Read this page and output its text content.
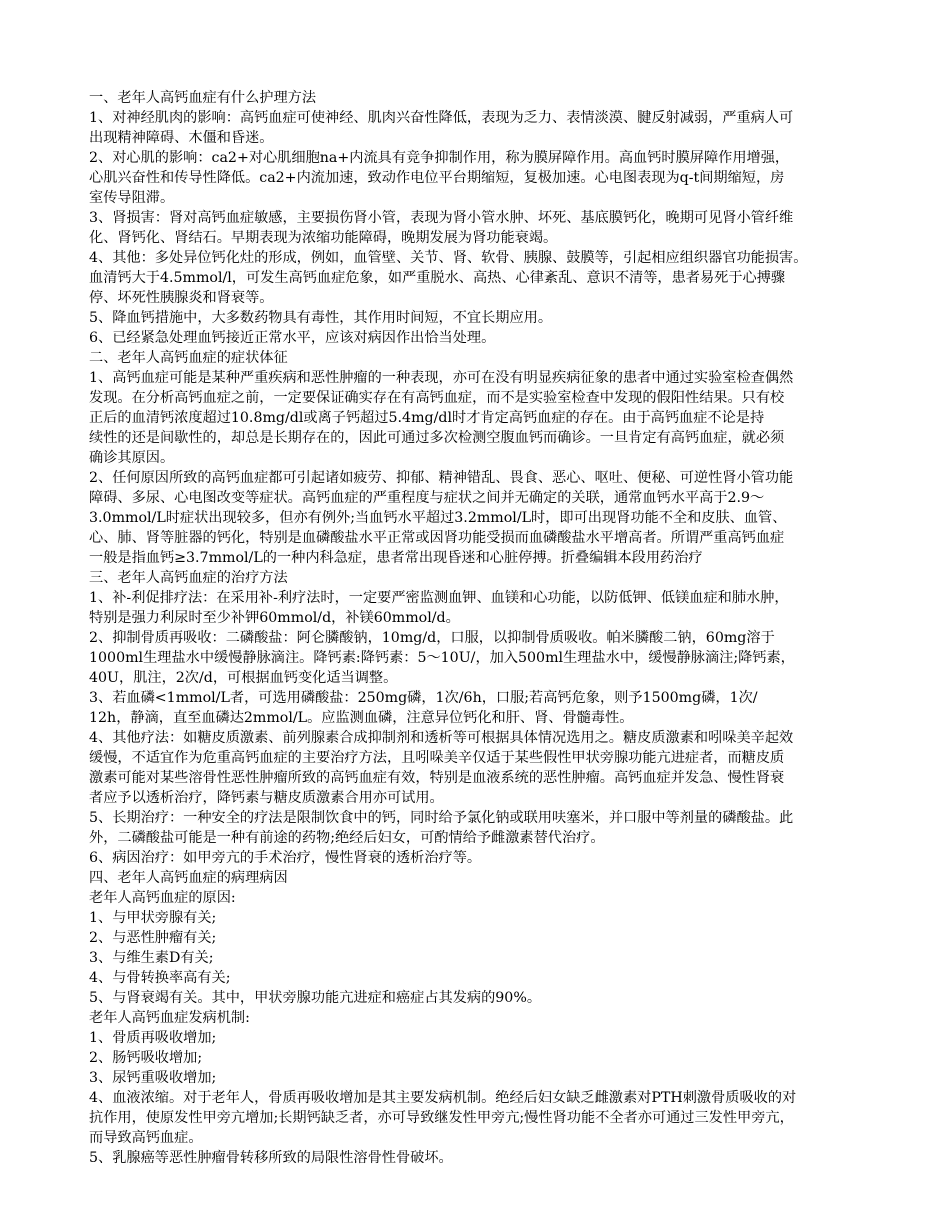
一、老年人高钙血症有什么护理方法
1、对神经肌肉的影响：高钙血症可使神经、肌肉兴奋性降低，表现为乏力、表情淡漠、腱反射减弱，严重病人可
出现精神障碍、木僵和昏迷。
2、对心肌的影响：ca2+对心肌细胞na+内流具有竞争抑制作用，称为膜屏障作用。高血钙时膜屏障作用增强，
心肌兴奋性和传导性降低。ca2+内流加速，致动作电位平台期缩短，复极加速。心电图表现为q-t间期缩短，房
室传导阻滞。
3、肾损害：肾对高钙血症敏感，主要损伤肾小管，表现为肾小管水肿、坏死、基底膜钙化，晚期可见肾小管纤维
化、肾钙化、肾结石。早期表现为浓缩功能障碍，晚期发展为肾功能衰竭。
4、其他：多处异位钙化灶的形成，例如，血管壁、关节、肾、软骨、胰腺、鼓膜等，引起相应组织器官功能损害。
血清钙大于4.5mmol/l，可发生高钙血症危象，如严重脱水、高热、心律紊乱、意识不清等，患者易死于心搏骤
停、坏死性胰腺炎和肾衰等。
5、降血钙措施中，大多数药物具有毒性，其作用时间短，不宜长期应用。
6、已经紧急处理血钙接近正常水平，应该对病因作出恰当处理。
二、老年人高钙血症的症状体征
1、高钙血症可能是某种严重疾病和恶性肿瘤的一种表现，亦可在没有明显疾病征象的患者中通过实验室检查偶然
发现。在分析高钙血症之前，一定要保证确实存在有高钙血症，而不是实验室检查中发现的假阳性结果。只有校
正后的血清钙浓度超过10.8mg/dl或离子钙超过5.4mg/dl时才肯定高钙血症的存在。由于高钙血症不论是持
续性的还是间歇性的，却总是长期存在的，因此可通过多次检测空腹血钙而确诊。一旦肯定有高钙血症，就必须
确诊其原因。
2、任何原因所致的高钙血症都可引起诸如疲劳、抑郁、精神错乱、畏食、恶心、呕吐、便秘、可逆性肾小管功能
障碍、多尿、心电图改变等症状。高钙血症的严重程度与症状之间并无确定的关联，通常血钙水平高于2.9～
3.0mmol/L时症状出现较多，但亦有例外;当血钙水平超过3.2mmol/L时，即可出现肾功能不全和皮肤、血管、
心、肺、肾等脏器的钙化，特别是血磷酸盐水平正常或因肾功能受损而血磷酸盐水平增高者。所谓严重高钙血症
一般是指血钙≥3.7mmol/L的一种内科急症，患者常出现昏迷和心脏停搏。折叠编辑本段用药治疗
三、老年人高钙血症的治疗方法
1、补-利促排疗法：在采用补-利疗法时，一定要严密监测血钾、血镁和心功能，以防低钾、低镁血症和肺水肿，
特别是强力利尿时至少补钾60mmol/d，补镁60mmol/d。
2、抑制骨质再吸收：二磷酸盐：阿仑膦酸钠，10mg/d，口服，以抑制骨质吸收。帕米膦酸二钠，60mg溶于
1000ml生理盐水中缓慢静脉滴注。降钙素:降钙素：5～10U/，加入500ml生理盐水中，缓慢静脉滴注;降钙素，
40U，肌注，2次/d，可根据血钙变化适当调整。
3、若血磷<1mmol/L者，可选用磷酸盐：250mg磷，1次/6h，口服;若高钙危象，则予1500mg磷，1次/
12h，静滴，直至血磷达2mmol/L。应监测血磷，注意异位钙化和肝、肾、骨髓毒性。
4、其他疗法：如糖皮质激素、前列腺素合成抑制剂和透析等可根据具体情况选用之。糖皮质激素和吲哚美辛起效
缓慢，不适宜作为危重高钙血症的主要治疗方法，且吲哚美辛仅适于某些假性甲状旁腺功能亢进症者，而糖皮质
激素可能对某些溶骨性恶性肿瘤所致的高钙血症有效，特别是血液系统的恶性肿瘤。高钙血症并发急、慢性肾衰
者应予以透析治疗，降钙素与糖皮质激素合用亦可试用。
5、长期治疗：一种安全的疗法是限制饮食中的钙，同时给予氯化钠或联用呋塞米，并口服中等剂量的磷酸盐。此
外，二磷酸盐可能是一种有前途的药物;绝经后妇女，可酌情给予雌激素替代治疗。
6、病因治疗：如甲旁亢的手术治疗，慢性肾衰的透析治疗等。
四、老年人高钙血症的病理病因
老年人高钙血症的原因:
1、与甲状旁腺有关;
2、与恶性肿瘤有关;
3、与维生素D有关;
4、与骨转换率高有关;
5、与肾衰竭有关。其中，甲状旁腺功能亢进症和癌症占其发病的90%。
老年人高钙血症发病机制:
1、骨质再吸收增加;
2、肠钙吸收增加;
3、尿钙重吸收增加;
4、血液浓缩。对于老年人，骨质再吸收增加是其主要发病机制。绝经后妇女缺乏雌激素对PTH刺激骨质吸收的对
抗作用，使原发性甲旁亢增加;长期钙缺乏者，亦可导致继发性甲旁亢;慢性肾功能不全者亦可通过三发性甲旁亢，
而导致高钙血症。
5、乳腺癌等恶性肿瘤骨转移所致的局限性溶骨性骨破坏。
